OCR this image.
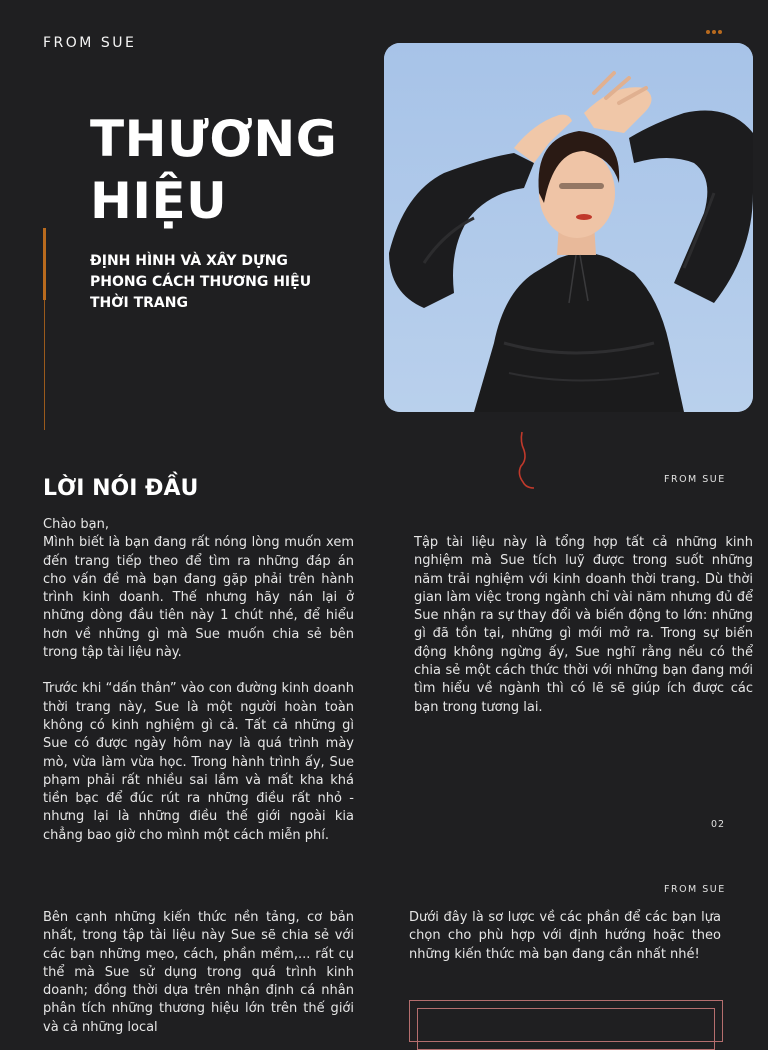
FROM SUE
THƯƠNG
HIỆU
ĐỊNH HÌNH VÀ XÂY DỰNG
PHONG CÁCH THƯƠNG HIỆU
THỜI TRANG
FROM SUE
LỜI NÓI ĐẦU

Chào bạn,

Mình biết là bạn đang rất nóng lòng muốn xem đến trang tiếp theo để tìm ra những đáp án cho vấn đề mà bạn đang gặp phải trên hành trình kinh doanh. Thế nhưng hãy nán lại ở những dòng đầu tiên này 1 chút nhé, để hiểu hơn về những gì mà Sue muốn chia sẻ bên trong tập tài liệu này.

Trước khi “dấn thân” vào con đường kinh doanh thời trang này, Sue là một người hoàn toàn không có kinh nghiệm gì cả. Tất cả những gì Sue có được ngày hôm nay là quá trình mày mò, vừa làm vừa học. Trong hành trình ấy, Sue phạm phải rất nhiều sai lầm và mất kha khá tiền bạc để đúc rút ra những điều rất nhỏ - nhưng lại là những điều thế giới ngoài kia chẳng bao giờ cho mình một cách miễn phí.

Tập tài liệu này là tổng hợp tất cả những kinh nghiệm mà Sue tích luỹ được trong suốt những năm trải nghiệm với kinh doanh thời trang. Dù thời gian làm việc trong ngành chỉ vài năm nhưng đủ để Sue nhận ra sự thay đổi và biến động to lớn: những gì đã tồn tại, những gì mới mở ra. Trong sự biến động không ngừng ấy, Sue nghĩ rằng nếu có thể chia sẻ một cách thức thời với những bạn đang mới tìm hiểu về ngành thì có lẽ sẽ giúp ích được các bạn trong tương lai.

02
FROM SUE

Bên cạnh những kiến thức nền tảng, cơ bản nhất, trong tập tài liệu này Sue sẽ chia sẻ với các bạn những mẹo, cách, phần mềm,... rất cụ thể mà Sue sử dụng trong quá trình kinh doanh; đồng thời dựa trên nhận định cá nhân phân tích những thương hiệu lớn trên thế giới và cả những local

Dưới đây là sơ lược về các phần để các bạn lựa chọn cho phù hợp với định hướng hoặc theo những kiến thức mà bạn đang cần nhất nhé!
